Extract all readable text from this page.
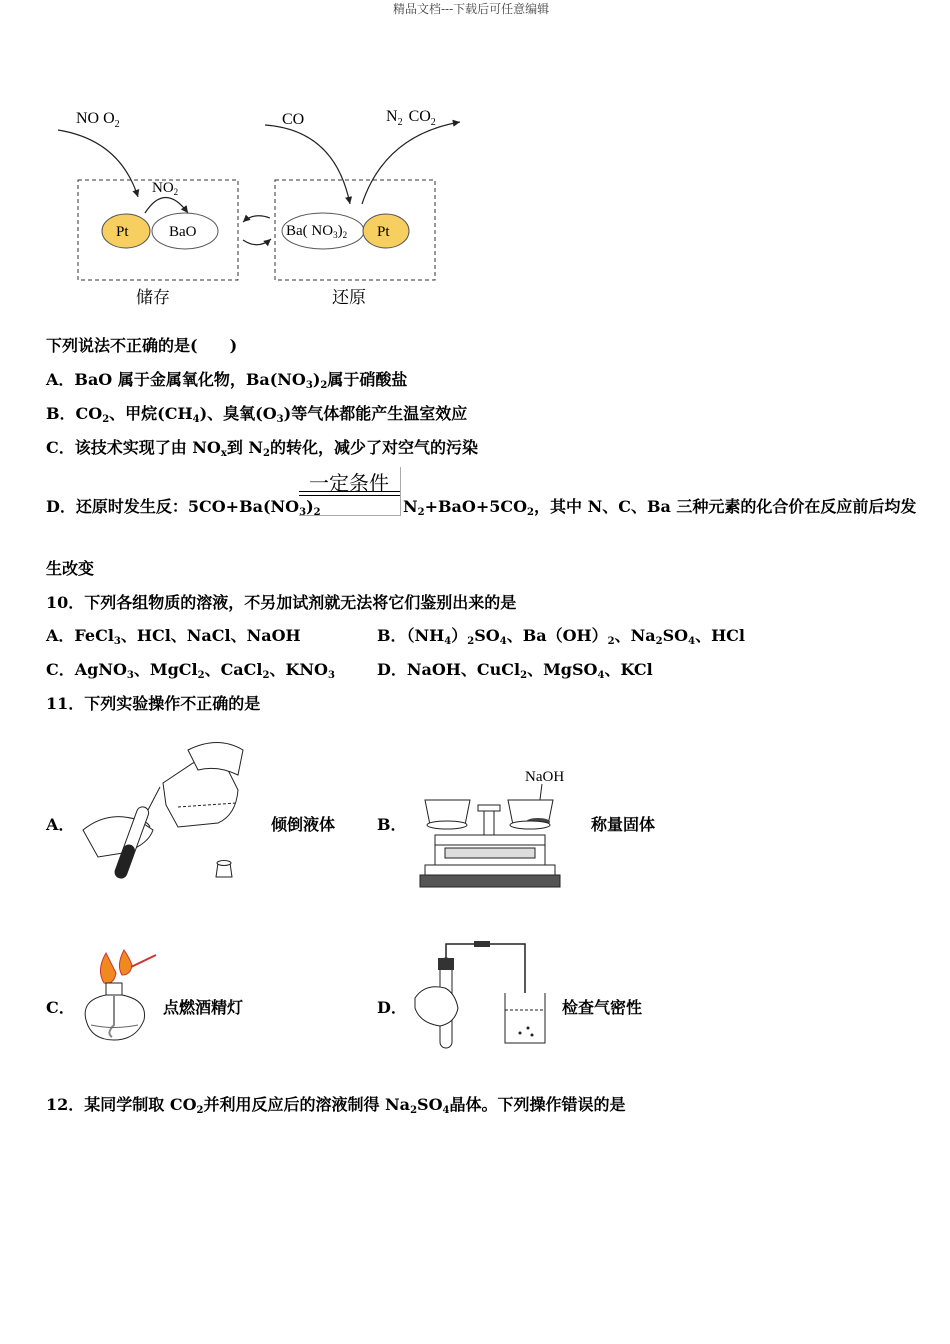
精品文档---下载后可任意编辑
NO $O_2$
$NO_2$
Pt	BaO
CO	$N_2$ $CO_2$
Ba( $NO_3)_2$ Pt
储存	还原
下列说法不正确的是(　　)
A．BaO 属于金属氧化物，$Ba(NO_3)_2$属于硝酸盐
B．$CO_2$、甲烷$(CH_4)$、臭氧$(O_3)$等气体都能产生温室效应
C．该技术实现了由 $NO_x$到 $N_2$的转化，减少了对空气的污染
一定条件
D．还原时发生反：$5CO+Ba(NO_3)_2$	$N_2+BaO+5CO_2$，其中 N、C、Ba 三种元素的化合价在反应前后均发
生改变
10．下列各组物质的溶液，不另加试剂就无法将它们鉴别出来的是
A．FeCl$_3$、HCl、NaCl、NaOH	B．$(NH_4)_2SO_4$、$Ba(OH)_2$、$Na_2SO_4$、HCl
C．AgNO$_3$、MgCl$_2$、CaCl$_2$、$KNO_3$	D．NaOH、CuCl$_2$、MgSO$_4$、KCl
11．下列实验操作不正确的是
A．	倾倒液体	B．
NaOH
称量固体
C．	点燃酒精灯	D．	检查气密性
12．某同学制取 $CO_2$并利用反应后的溶液制得 $Na_2SO_4$晶体。下列操作错误的是
